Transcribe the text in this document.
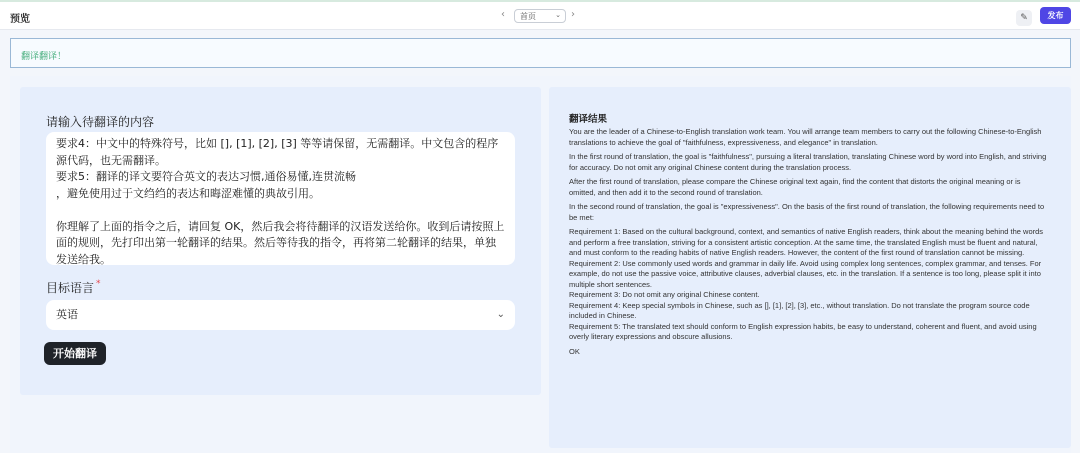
预览	‹	首页	⌄ ›	✎	发布
翻译翻译！
请输入待翻译的内容
要求4：中文中的特殊符号，比如 [], [1], [2], [3] 等等请保留，无需翻译。中文包含的程序源代码，也无需翻译。
要求5：翻译的译文要符合英文的表达习惯,通俗易懂,连贯流畅
，避免使用过于文绉绉的表达和晦涩难懂的典故引用。

你理解了上面的指令之后，请回复 OK，然后我会将待翻译的汉语发送给你。收到后请按照上面的规则，先打印出第一轮翻译的结果。然后等待我的指令，再将第二轮翻译的结果，单独发送给我。
目标语言 *
英语	⌄
开始翻译
翻译结果

You are the leader of a Chinese-to-English translation work team. You will arrange team members to carry out the following Chinese-to-English translations to achieve the goal of "faithfulness, expressiveness, and elegance" in translation.

In the first round of translation, the goal is "faithfulness", pursuing a literal translation, translating Chinese word by word into English, and striving for accuracy. Do not omit any original Chinese content during the translation process.

After the first round of translation, please compare the Chinese original text again, find the content that distorts the original meaning or is omitted, and then add it to the second round of translation.

In the second round of translation, the goal is "expressiveness". On the basis of the first round of translation, the following requirements need to be met:

Requirement 1: Based on the cultural background, context, and semantics of native English readers, think about the meaning behind the words and perform a free translation, striving for a consistent artistic conception. At the same time, the translated English must be fluent and natural, and must conform to the reading habits of native English readers. However, the content of the first round of translation cannot be missing.

Requirement 2: Use commonly used words and grammar in daily life. Avoid using complex long sentences, complex grammar, and tenses. For example, do not use the passive voice, attributive clauses, adverbial clauses, etc. in the translation. If a sentence is too long, please split it into multiple short sentences.

Requirement 3: Do not omit any original Chinese content.

Requirement 4: Keep special symbols in Chinese, such as [], [1], [2], [3], etc., without translation. Do not translate the program source code included in Chinese.

Requirement 5: The translated text should conform to English expression habits, be easy to understand, coherent and fluent, and avoid using overly literary expressions and obscure allusions.

OK
